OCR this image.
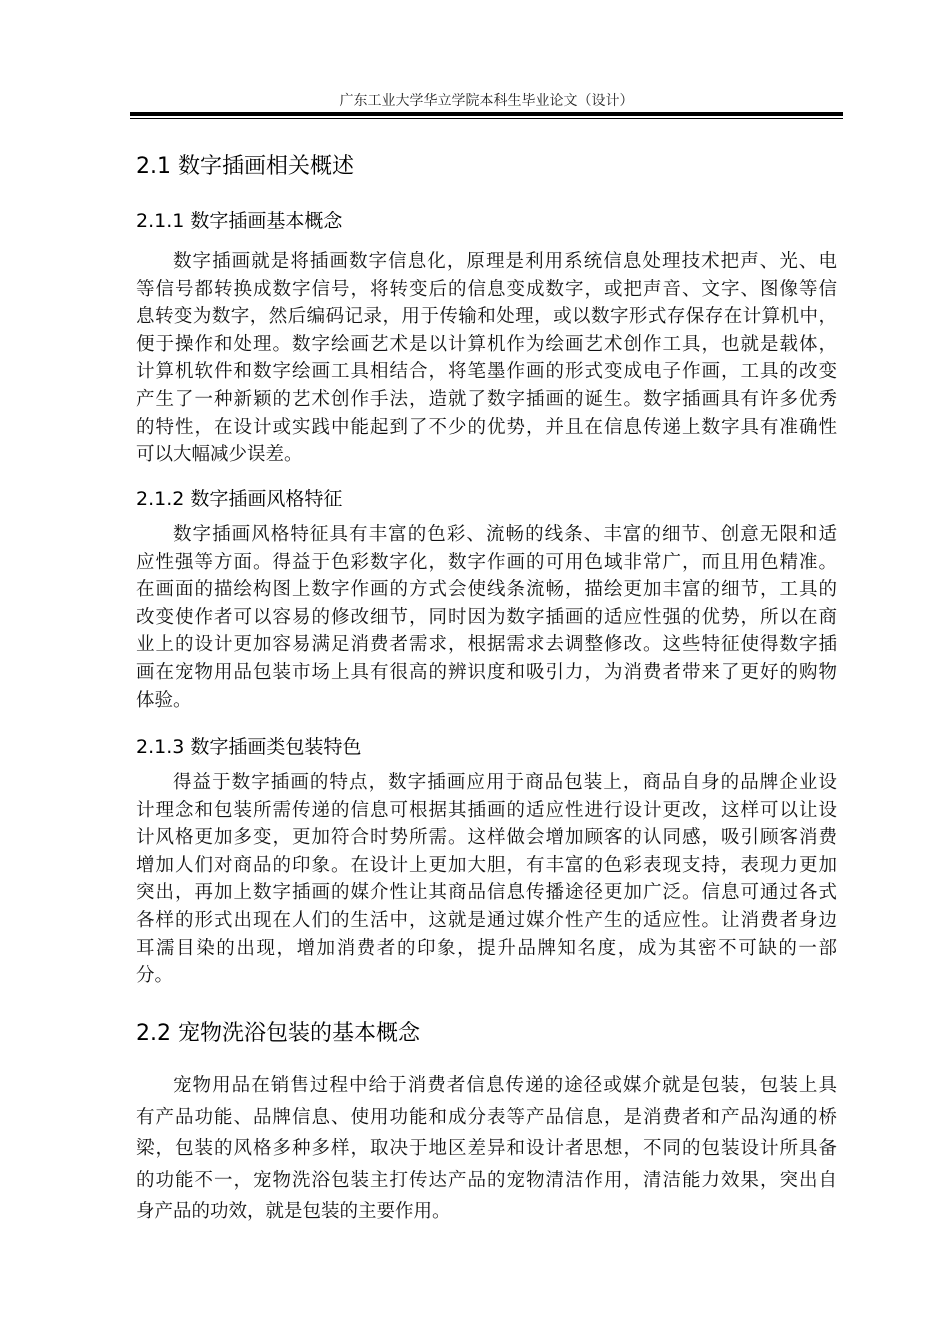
广东工业大学华立学院本科生毕业论文（设计）
2.1 数字插画相关概述
2.1.1 数字插画基本概念
数字插画就是将插画数字信息化，原理是利用系统信息处理技术把声、光、电
等信号都转换成数字信号，将转变后的信息变成数字，或把声音、文字、图像等信
息转变为数字，然后编码记录，用于传输和处理，或以数字形式存保存在计算机中，
便于操作和处理。数字绘画艺术是以计算机作为绘画艺术创作工具，也就是载体，
计算机软件和数字绘画工具相结合，将笔墨作画的形式变成电子作画，工具的改变
产生了一种新颖的艺术创作手法，造就了数字插画的诞生。数字插画具有许多优秀
的特性，在设计或实践中能起到了不少的优势，并且在信息传递上数字具有准确性
可以大幅减少误差。
2.1.2 数字插画风格特征
数字插画风格特征具有丰富的色彩、流畅的线条、丰富的细节、创意无限和适
应性强等方面。得益于色彩数字化，数字作画的可用色域非常广，而且用色精准。
在画面的描绘构图上数字作画的方式会使线条流畅，描绘更加丰富的细节，工具的
改变使作者可以容易的修改细节，同时因为数字插画的适应性强的优势，所以在商
业上的设计更加容易满足消费者需求，根据需求去调整修改。这些特征使得数字插
画在宠物用品包装市场上具有很高的辨识度和吸引力，为消费者带来了更好的购物
体验。
2.1.3 数字插画类包装特色
得益于数字插画的特点，数字插画应用于商品包装上，商品自身的品牌企业设
计理念和包装所需传递的信息可根据其插画的适应性进行设计更改，这样可以让设
计风格更加多变，更加符合时势所需。这样做会增加顾客的认同感，吸引顾客消费
增加人们对商品的印象。在设计上更加大胆，有丰富的色彩表现支持，表现力更加
突出，再加上数字插画的媒介性让其商品信息传播途径更加广泛。信息可通过各式
各样的形式出现在人们的生活中，这就是通过媒介性产生的适应性。让消费者身边
耳濡目染的出现，增加消费者的印象，提升品牌知名度，成为其密不可缺的一部
分。
2.2 宠物洗浴包装的基本概念
宠物用品在销售过程中给于消费者信息传递的途径或媒介就是包装，包装上具
有产品功能、品牌信息、使用功能和成分表等产品信息，是消费者和产品沟通的桥
梁，包装的风格多种多样，取决于地区差异和设计者思想，不同的包装设计所具备
的功能不一，宠物洗浴包装主打传达产品的宠物清洁作用，清洁能力效果，突出自
身产品的功效，就是包装的主要作用。
